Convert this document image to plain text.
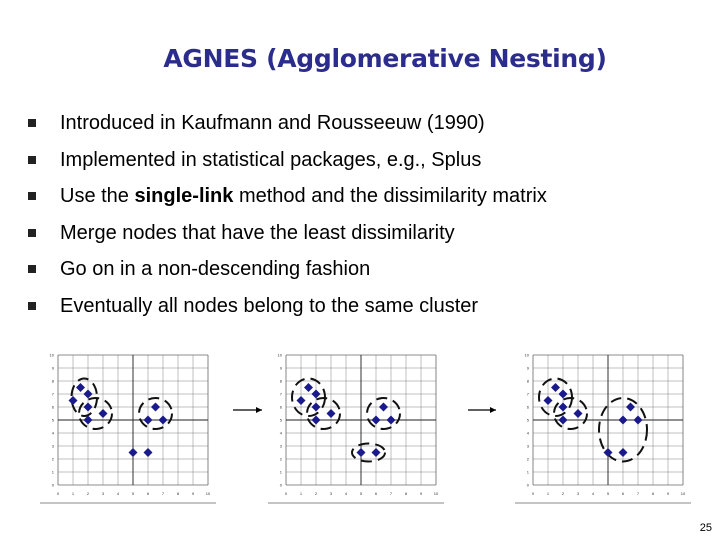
AGNES (Agglomerative Nesting)
Introduced in Kaufmann and Rousseeuw (1990)
Implemented in statistical packages, e.g., Splus
Use the single-link method and the dissimilarity matrix
Merge nodes that have the least dissimilarity
Go on in a non-descending fashion
Eventually all nodes belong to the same cluster
0
0
1
1
2
2
3
3
4
4
5
5
6
6
7
7
8
8
9
9
10
10
0
0
1
1
2
2
3
3
4
4
5
5
6
6
7
7
8
8
9
9
10
10
0
0
1
1
2
2
3
3
4
4
5
5
6
6
7
7
8
8
9
9
10
10
25
